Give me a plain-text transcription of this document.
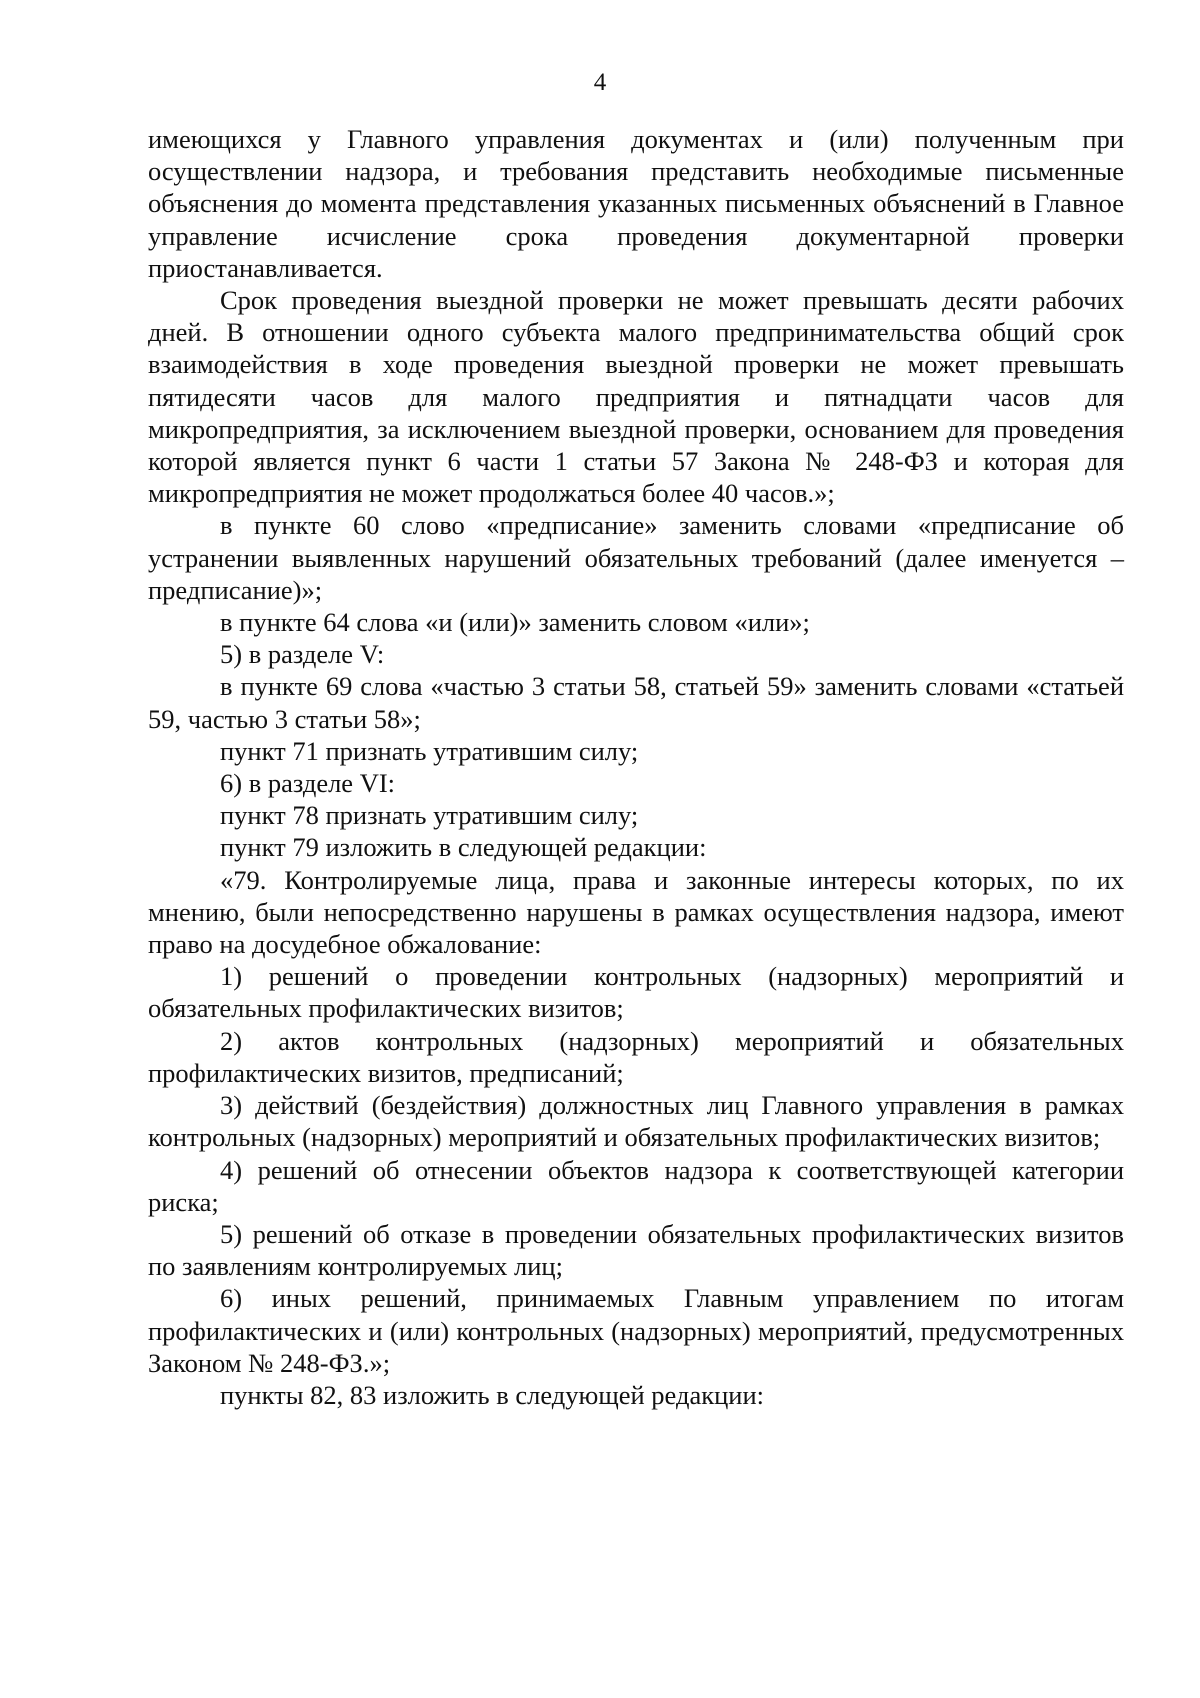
4

имеющихся у Главного управления документах и (или) полученным при осуществлении надзора, и требования представить необходимые письменные объяснения до момента представления указанных письменных объяснений в Главное управление исчисление срока проведения документарной проверки приостанавливается.

Срок проведения выездной проверки не может превышать десяти рабочих дней. В отношении одного субъекта малого предпринимательства общий срок взаимодействия в ходе проведения выездной проверки не может превышать пятидесяти часов для малого предприятия и пятнадцати часов для микропредприятия, за исключением выездной проверки, основанием для проведения которой является пункт 6 части 1 статьи 57 Закона № 248-ФЗ и которая для микропредприятия не может продолжаться более 40 часов.»;

в пункте 60 слово «предписание» заменить словами «предписание об устранении выявленных нарушений обязательных требований (далее именуется – предписание)»;

в пункте 64 слова «и (или)» заменить словом «или»;

5) в разделе V:

в пункте 69 слова «частью 3 статьи 58, статьей 59» заменить словами «статьей 59, частью 3 статьи 58»;

пункт 71 признать утратившим силу;

6) в разделе VI:

пункт 78 признать утратившим силу;

пункт 79 изложить в следующей редакции:

«79. Контролируемые лица, права и законные интересы которых, по их мнению, были непосредственно нарушены в рамках осуществления надзора, имеют право на досудебное обжалование:

1) решений о проведении контрольных (надзорных) мероприятий и обязательных профилактических визитов;

2) актов контрольных (надзорных) мероприятий и обязательных профилактических визитов, предписаний;

3) действий (бездействия) должностных лиц Главного управления в рамках контрольных (надзорных) мероприятий и обязательных профилактических визитов;

4) решений об отнесении объектов надзора к соответствующей категории риска;

5) решений об отказе в проведении обязательных профилактических визитов по заявлениям контролируемых лиц;

6) иных решений, принимаемых Главным управлением по итогам профилактических и (или) контрольных (надзорных) мероприятий, предусмотренных Законом № 248-ФЗ.»;

пункты 82, 83 изложить в следующей редакции:
